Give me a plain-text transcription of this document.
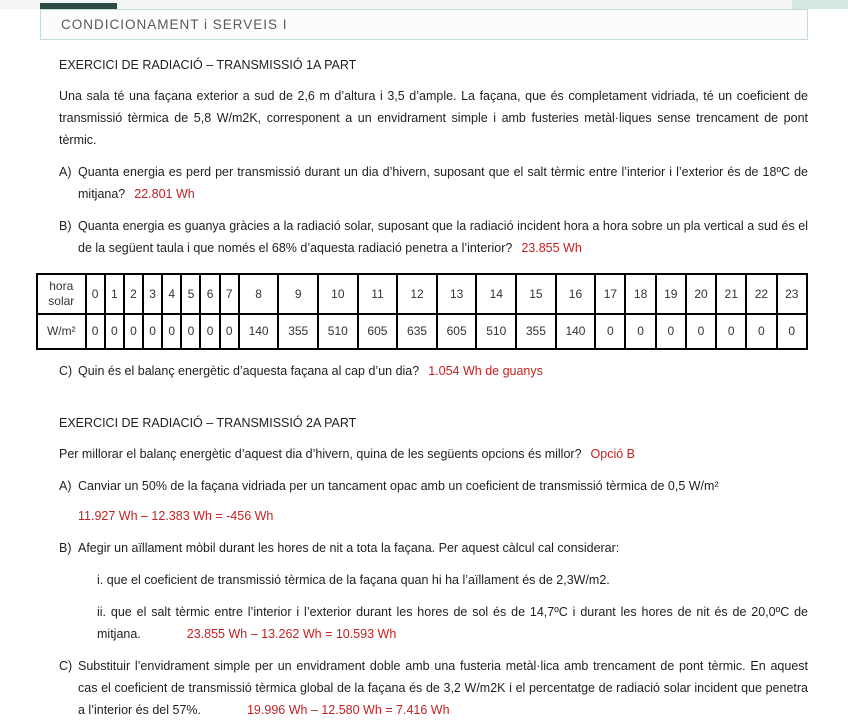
CONDICIONAMENT i SERVEIS I

EXERCICI DE RADIACIÓ – TRANSMISSIÓ 1A PART

Una sala té una façana exterior a sud de 2,6 m d’altura i 3,5 d’ample. La façana, que és completament vidriada, té un coeficient de transmissió tèrmica de 5,8 W/m2K, corresponent a un envidrament simple i amb fusteries metàl·liques sense trencament de pont tèrmic.

A) Quanta energia es perd per transmissió durant un dia d’hivern, suposant que el salt tèrmic entre l’interior i l’exterior és de 18ºC de mitjana? 22.801 Wh

B) Quanta energia es guanya gràcies a la radiació solar, suposant que la radiació incident hora a hora sobre un pla vertical a sud és el de la següent taula i que només el 68% d’aquesta radiació penetra a l’interior? 23.855 Wh

hora solar	0	1	2	3	4	5	6	7	8	9	10	11	12	13	14	15	16	17	18	19	20	21	22	23
W/m²	0	0	0	0	0	0	0	0	140	355	510	605	635	605	510	355	140	0	0	0	0	0	0	0
C) Quin és el balanç energètic d’aquesta façana al cap d’un dia? 1.054 Wh de guanys

EXERCICI DE RADIACIÓ – TRANSMISSIÓ 2A PART

Per millorar el balanç energètic d’aquest dia d’hivern, quina de les següents opcions és millor? Opció B

A) Canviar un 50% de la façana vidriada per un tancament opac amb un coeficient de transmissió tèrmica de 0,5 W/m²

11.927 Wh – 12.383 Wh = -456 Wh

B) Afegir un aïllament mòbil durant les hores de nit a tota la façana. Per aquest càlcul cal considerar:

i. que el coeficient de transmissió tèrmica de la façana quan hi ha l’aïllament és de 2,3W/m2.

ii. que el salt tèrmic entre l’interior i l’exterior durant les hores de sol és de 14,7ºC i durant les hores de nit és de 20,0ºC de mitjana.	23.855 Wh – 13.262 Wh = 10.593 Wh

C) Substituir l’envidrament simple per un envidrament doble amb una fusteria metàl·lica amb trencament de pont tèrmic. En aquest cas el coeficient de transmissió tèrmica global de la façana és de 3,2 W/m2K i el percentatge de radiació solar incident que penetra a l’interior és del 57%.	19.996 Wh – 12.580 Wh = 7.416 Wh
